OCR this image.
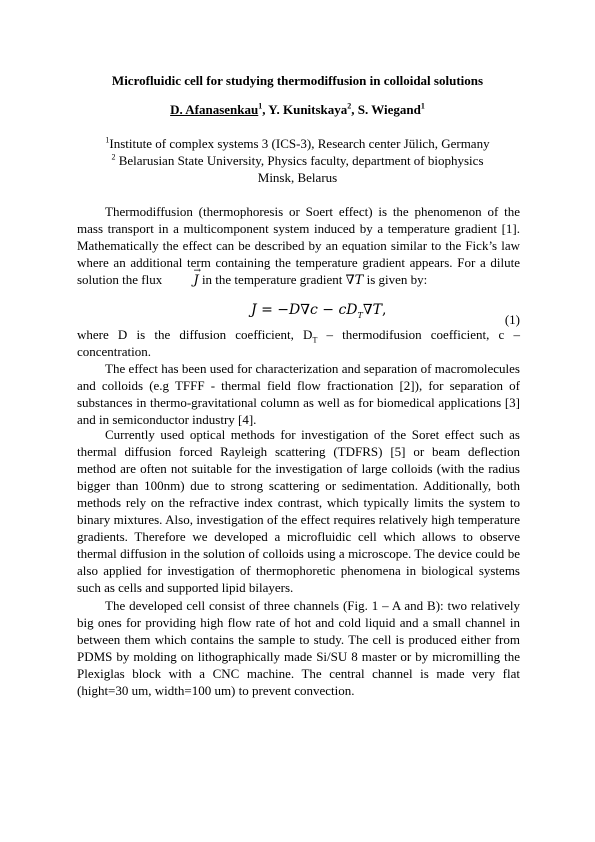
Microfluidic cell for studying thermodiffusion in colloidal solutions
D. Afanasenkau$^1$, Y. Kunitskaya$^2$, S. Wiegand$^1$
$^1$Institute of complex systems 3 (ICS-3), Research center Jülich, Germany
$^2$ Belarusian State University, Physics faculty, department of biophysics
Minsk, Belarus

Thermodiffusion (thermophoresis or Soert effect) is the phenomenon of the mass transport in a multicomponent system induced by a temperature gradient [1]. Mathematically the effect can be described by an equation similar to the Fick’s law where an additional term containing the temperature gradient appears. For a dilute solution the flux → J in the temperature gradient ∇T is given by:

$J = -D\nabla c - cD_T\nabla T$,
(1)

where D is the diffusion coefficient, $D_T$ – thermodifusion coefficient, c – concentration.

The effect has been used for characterization and separation of macromolecules and colloids (e.g TFFF - thermal field flow fractionation [2]), for separation of substances in thermo-gravitational column as well as for biomedical applications [3] and in semiconductor industry [4].

Currently used optical methods for investigation of the Soret effect such as thermal diffusion forced Rayleigh scattering (TDFRS) [5] or beam deflection method are often not suitable for the investigation of large colloids (with the radius bigger than 100nm) due to strong scattering or sedimentation. Additionally, both methods rely on the refractive index contrast, which typically limits the system to binary mixtures. Also, investigation of the effect requires relatively high temperature gradients. Therefore we developed a microfluidic cell which allows to observe thermal diffusion in the solution of colloids using a microscope. The device could be also applied for investigation of thermophoretic phenomena in biological systems such as cells and supported lipid bilayers.

The developed cell consist of three channels (Fig. 1 – A and B): two relatively big ones for providing high flow rate of hot and cold liquid and a small channel in between them which contains the sample to study. The cell is produced either from PDMS by molding on lithographically made Si/SU 8 master or by micromilling the Plexiglas block with a CNC machine. The central channel is made very flat (hight=30 um, width=100 um) to prevent convection.
